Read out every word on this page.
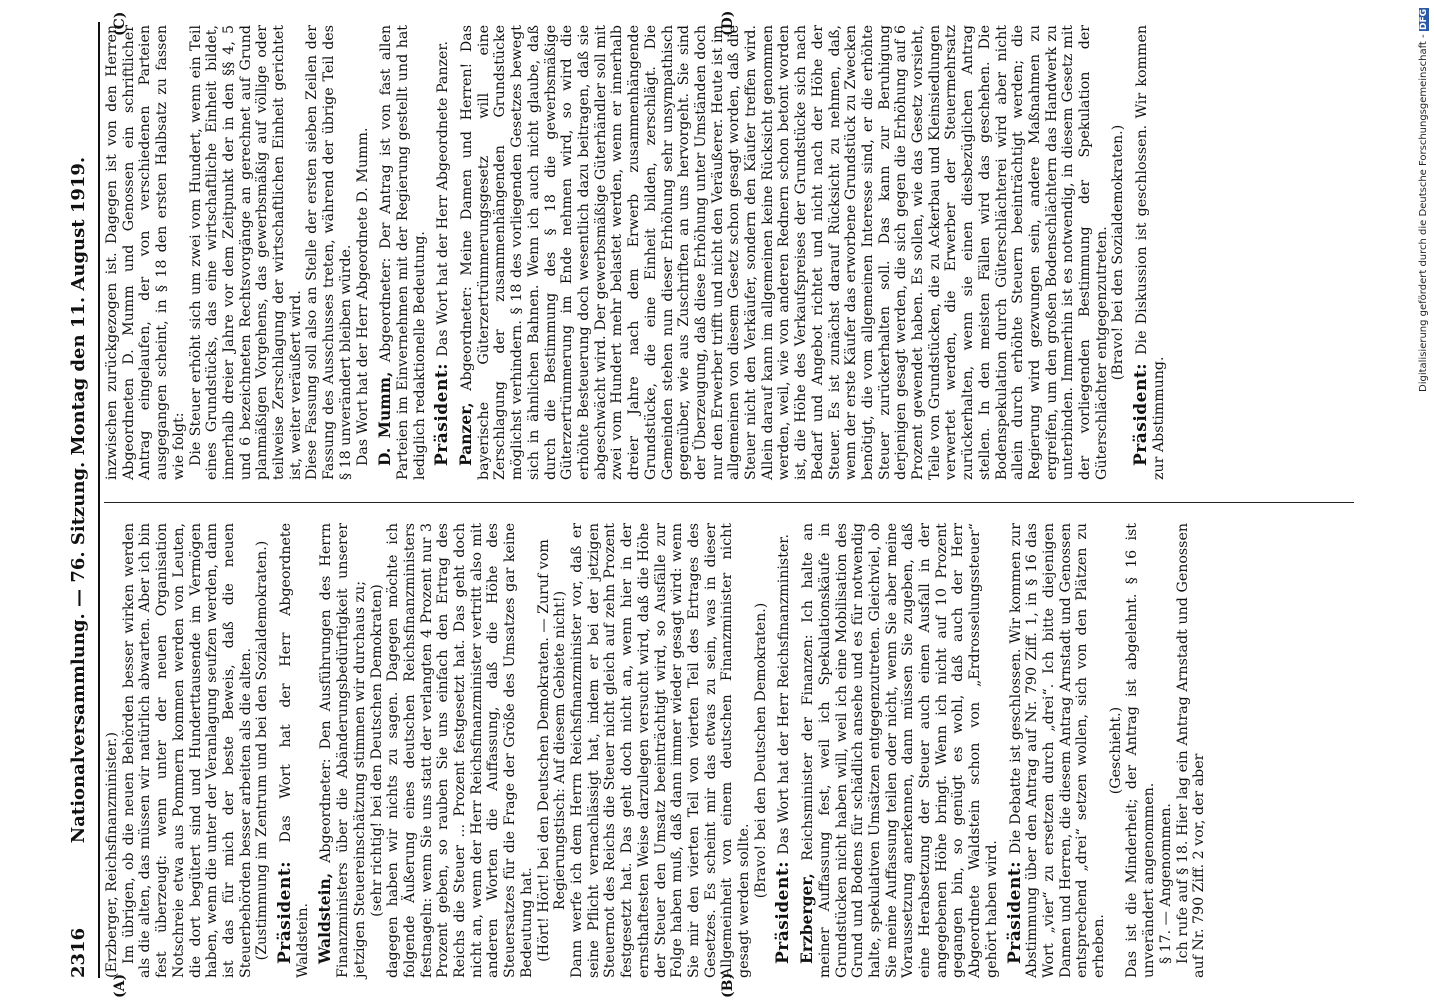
2316
Nationalversammlung. — 76. Sitzung. Montag den 11. August 1919.
(A)	(B)
(C)	(D)

(Erzberger, Reichsfinanzminister.) Im übrigen, ob die neuen Behörden besser wirken werden als die alten, das müssen wir natürlich abwarten. Aber ich bin fest überzeugt: wenn unter der neuen Organisation Notschreie etwa aus Pommern kommen werden von Leuten, die dort begütert sind und Hunderttausende im Vermögen haben, wenn die unter der Veranlagung seufzen werden, dann ist das für mich der beste Beweis, daß die neuen Steuerbehörden besser arbeiten als die alten. (Zustimmung im Zentrum und bei den Sozialdemokraten.) Präsident: Das Wort hat der Herr Abgeordnete Waldstein. Waldstein, Abgeordneter: Den Ausführungen des Herrn Finanzministers über die Abänderungsbedürftigkeit unserer jetzigen Steuereinschätzung stimmen wir durchaus zu; (sehr richtig! bei den Deutschen Demokraten) dagegen haben wir nichts zu sagen. Dagegen möchte ich folgende Äußerung eines deutschen Reichsfinanzministers festnageln: wenn Sie uns statt der verlangten 4 Prozent nur 3 Prozent geben, so rauben Sie uns einfach den Ertrag des Reichs die Steuer ... Prozent festgesetzt hat. Das geht doch nicht an, wenn der Herr Reichsfinanzminister vertritt also mit anderen Worten die Auffassung, daß die Höhe des Steuersatzes für die Frage der Größe des Umsatzes gar keine Bedeutung hat. (Hört! Hört! bei den Deutschen Demokraten. — Zuruf vom Regierungstisch: Auf diesem Gebiete nicht!) Dann werfe ich dem Herrn Reichsfinanzminister vor, daß er seine Pflicht vernachlässigt hat, indem er bei der jetzigen Steuernot des Reichs die Steuer nicht gleich auf zehn Prozent festgesetzt hat. Das geht doch nicht an, wenn hier in der ernsthaftesten Weise darzulegen versucht wird, daß die Höhe der Steuer den Umsatz beeinträchtigt wird, so Ausfälle zur Folge haben muß, daß dann immer wieder gesagt wird: wenn Sie mir den vierten Teil von vierten Teil des Ertrages des Gesetzes. Es scheint mir das etwas zu sein, was in dieser Allgemeinheit von einem deutschen Finanzminister nicht gesagt werden sollte.

(Bravo! bei den Deutschen Demokraten.)

Präsident: Das Wort hat der Herr Reichsfinanzminister.

Erzberger, Reichsminister der Finanzen: Ich halte an meiner Auffassung fest, weil ich Spekulationskäufe in Grundstücken nicht haben will, weil ich eine Mobilisation des Grund und Bodens für schädlich ansehe und es für notwendig halte, spekulativen Umsätzen entgegenzutreten. Gleichviel, ob Sie meine Auffassung teilen oder nicht, wenn Sie aber meine Voraussetzung anerkennen, dann müssen Sie zugeben, daß eine Herabsetzung der Steuer auch einen Ausfall in der angegebenen Höhe bringt. Wenn ich nicht auf 10 Prozent gegangen bin, so genügt es wohl, daß auch der Herr Abgeordnete Waldstein schon von „Erdrosselungssteuer“ gehört haben wird. Präsident: Die Debatte ist geschlossen. Wir kommen zur Abstimmung über den Antrag auf Nr. 790 Ziff. 1, in § 16 das Wort „vier“ zu ersetzen durch „drei“. Ich bitte diejenigen Damen und Herren, die diesem Antrag Arnstadt und Genossen entsprechend „drei“ setzen wollen, sich von den Plätzen zu erheben.

(Geschieht.) Das ist die Minderheit; der Antrag ist abgelehnt. § 16 ist unverändert angenommen. § 17. — Angenommen. Ich rufe auf § 18. Hier lag ein Antrag Arnstadt und Genossen auf Nr. 790 Ziff. 2 vor, der aber

inzwischen zurückgezogen ist. Dagegen ist von den Herren Abgeordneten D. Mumm und Genossen ein schriftlicher Antrag eingelaufen, der von verschiedenen Parteien ausgegangen scheint, in § 18 den ersten Halbsatz zu fassen wie folgt: Die Steuer erhöht sich um zwei vom Hundert, wenn ein Teil eines Grundstücks, das eine wirtschaftliche Einheit bildet, innerhalb dreier Jahre vor dem Zeitpunkt der in den §§ 4, 5 und 6 bezeichneten Rechtsvorgänge an gerechnet auf Grund planmäßigen Vorgehens, das gewerbsmäßig auf völlige oder teilweise Zerschlagung der wirtschaftlichen Einheit gerichtet ist, weiter veräußert wird. Diese Fassung soll also an Stelle der ersten sieben Zeilen der Fassung des Ausschusses treten, während der übrige Teil des § 18 unverändert bleiben würde. Das Wort hat der Herr Abgeordnete D. Mumm. D. Mumm, Abgeordneter: Der Antrag ist von fast allen Parteien im Einvernehmen mit der Regierung gestellt und hat lediglich redaktionelle Bedeutung. Präsident: Das Wort hat der Herr Abgeordnete Panzer.

Panzer, Abgeordneter: Meine Damen und Herren! Das bayerische Güterzertrümmerungsgesetz will eine Zerschlagung der zusammenhängenden Grundstücke möglichst verhindern. § 18 des vorliegenden Gesetzes bewegt sich in ähnlichen Bahnen. Wenn ich auch nicht glaube, daß durch die Bestimmung des § 18 die gewerbsmäßige Güterzertrümmerung im Ende nehmen wird, so wird die erhöhte Besteuerung doch wesentlich dazu beitragen, daß sie abgeschwächt wird. Der gewerbsmäßige Güterhändler soll mit zwei vom Hundert mehr belastet werden, wenn er innerhalb dreier Jahre nach dem Erwerb zusammenhängende Grundstücke, die eine Einheit bilden, zerschlägt. Die Gemeinden stehen nun dieser Erhöhung sehr unsympathisch gegenüber, wie aus Zuschriften an uns hervorgeht. Sie sind der Überzeugung, daß diese Erhöhung unter Umständen doch nur den Erwerber trifft und nicht den Veräußerer. Heute ist im allgemeinen von diesem Gesetz schon gesagt worden, daß die Steuer nicht den Verkäufer, sondern den Käufer treffen wird. Allein darauf kann im allgemeinen keine Rücksicht genommen werden, weil, wie von anderen Rednern schon betont worden ist, die Höhe des Verkaufspreises der Grundstücke sich nach Bedarf und Angebot richtet und nicht nach der Höhe der Steuer. Es ist zunächst darauf Rücksicht zu nehmen, daß, wenn der erste Käufer das erworbene Grundstück zu Zwecken benötigt, die vom allgemeinen Interesse sind, er die erhöhte Steuer zurückerhalten soll. Das kann zur Beruhigung derjenigen gesagt werden, die sich gegen die Erhöhung auf 6 Prozent gewendet haben. Es sollen, wie das Gesetz vorsieht, Teile von Grundstücken, die zu Ackerbau und Kleinsiedlungen verwertet werden, die Erwerber der Steuermehrsatz zurückerhalten, wenn sie einen diesbezüglichen Antrag stellen. In den meisten Fällen wird das geschehen. Die Bodenspekulation durch Güterschlächterei wird aber nicht allein durch erhöhte Steuern beeinträchtigt werden; die Regierung wird gezwungen sein, andere Maßnahmen zu ergreifen, um den großen Bodenschlächtern das Handwerk zu unterbinden. Immerhin ist es notwendig, in diesem Gesetz mit der vorliegenden Bestimmung der Spekulation der Güterschlächter entgegenzutreten. (Bravo! bei den Sozialdemokraten.)

Präsident: Die Diskussion ist geschlossen. Wir kommen zur Abstimmung.

Digitalisierung gefördert durch die Deutsche Forschungsgemeinschaft - DFG
